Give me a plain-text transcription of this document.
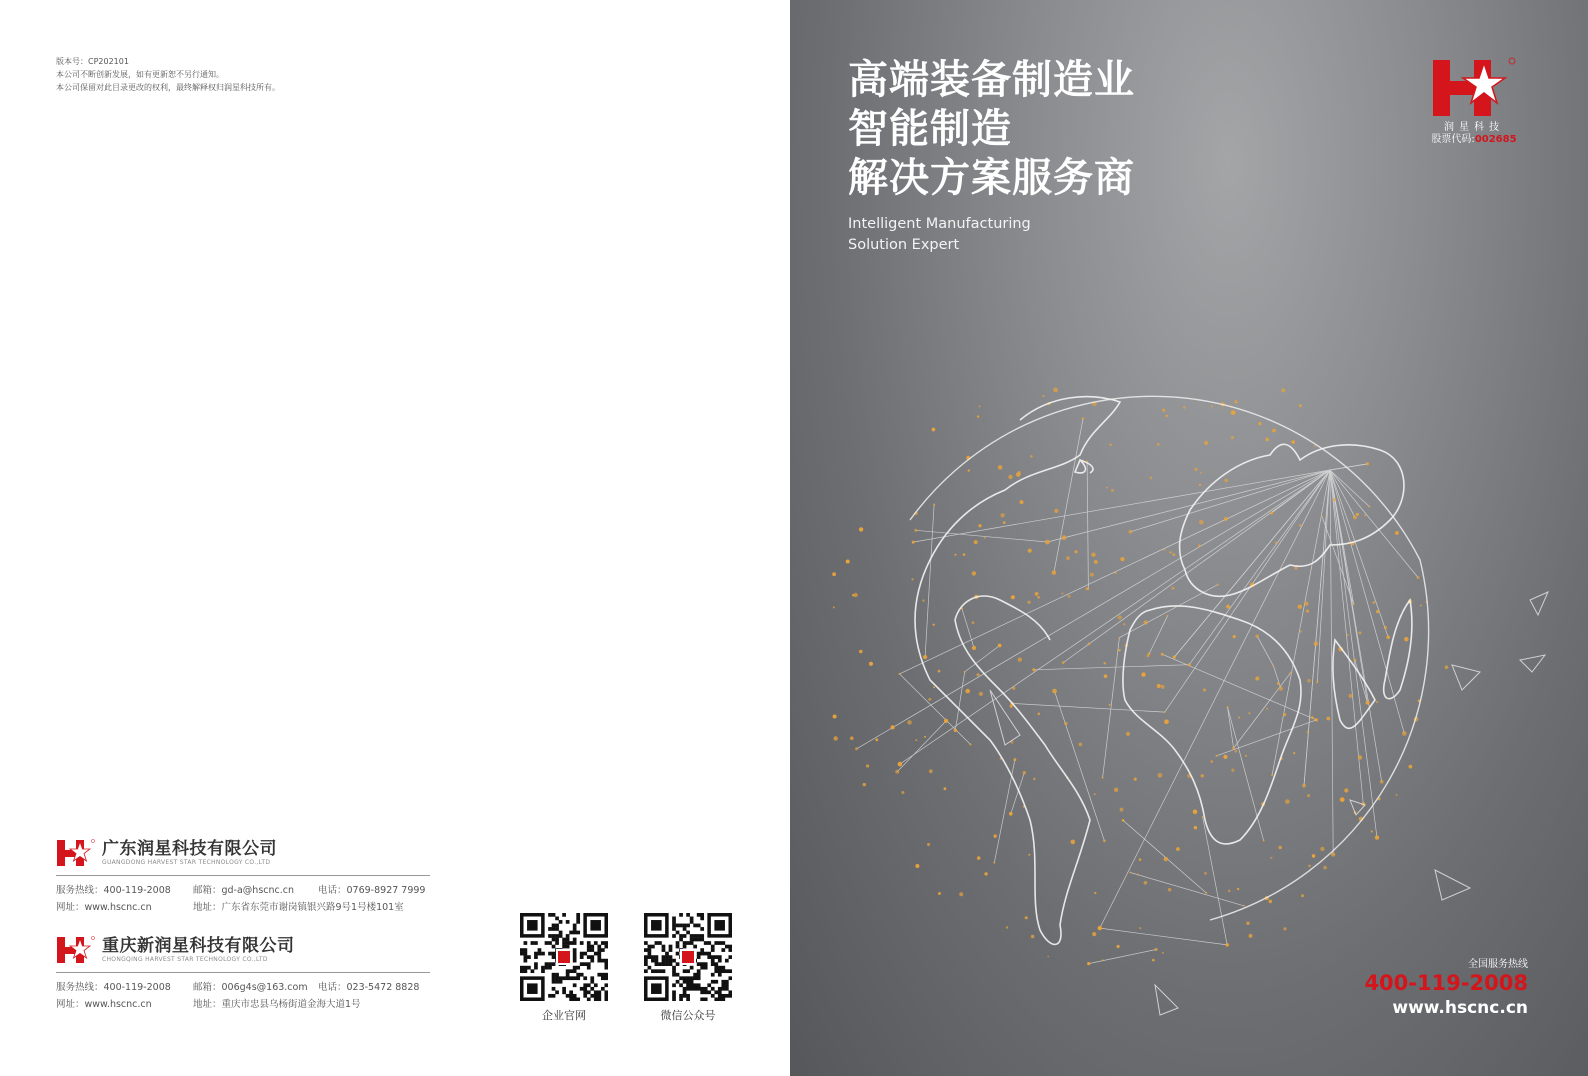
版本号：CP202101
本公司不断创新发展，如有更新恕不另行通知。
本公司保留对此目录更改的权利，最终解释权归润星科技所有。
广东润星科技有限公司
GUANGDONG HARVEST STAR TECHNOLOGY CO.,LTD
服务热线：400-119-2008	邮箱：gd-a@hscnc.cn	电话：0769-8927 7999
网址：www.hscnc.cn	地址：广东省东莞市谢岗镇银兴路9号1号楼101室
重庆新润星科技有限公司
CHONGQING HARVEST STAR TECHNOLOGY CO.,LTD
服务热线：400-119-2008	邮箱：006g4s@163.com	电话：023-5472 8828
网址：www.hscnc.cn	地址：重庆市忠县乌杨街道金海大道1号
企业官网	微信公众号
高端装备制造业
智能制造
解决方案服务商
Intelligent Manufacturing
Solution Expert
润星科技
股票代码:002685
全国服务热线
400-119-2008
www.hscnc.cn
